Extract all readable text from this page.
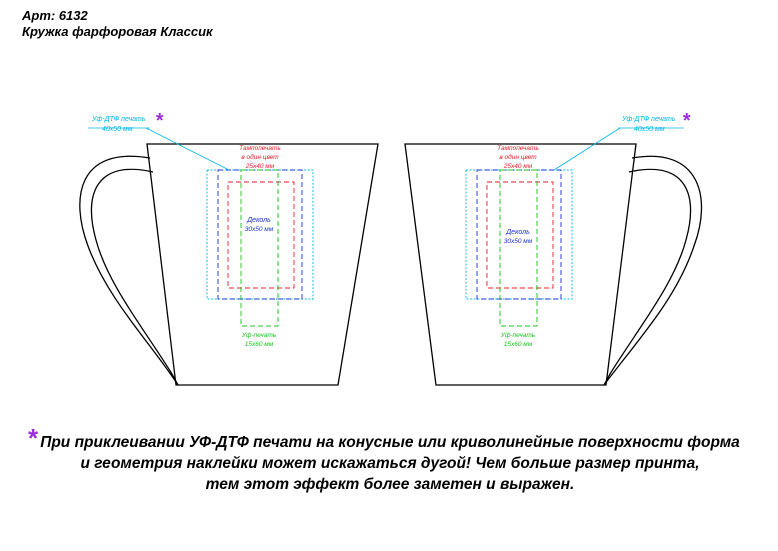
Арт: 6132
Кружка фарфоровая Классик
Уф-ДТФ печать
40x50 мм *
Тампопечать
в один цвет
25x40 мм
Деколь
30x50 мм
Уф-печать
15x60 мм
Уф-ДТФ печать
40x50 мм *
Тампопечать
в один цвет
25x40 мм
Деколь
30x50 мм
Уф-печать
15x60 мм
* При приклеивании УФ-ДТФ печати на конусные или криволинейные поверхности форма
и геометрия наклейки может искажаться дугой! Чем больше размер принта,
тем этот эффект более заметен и выражен.
